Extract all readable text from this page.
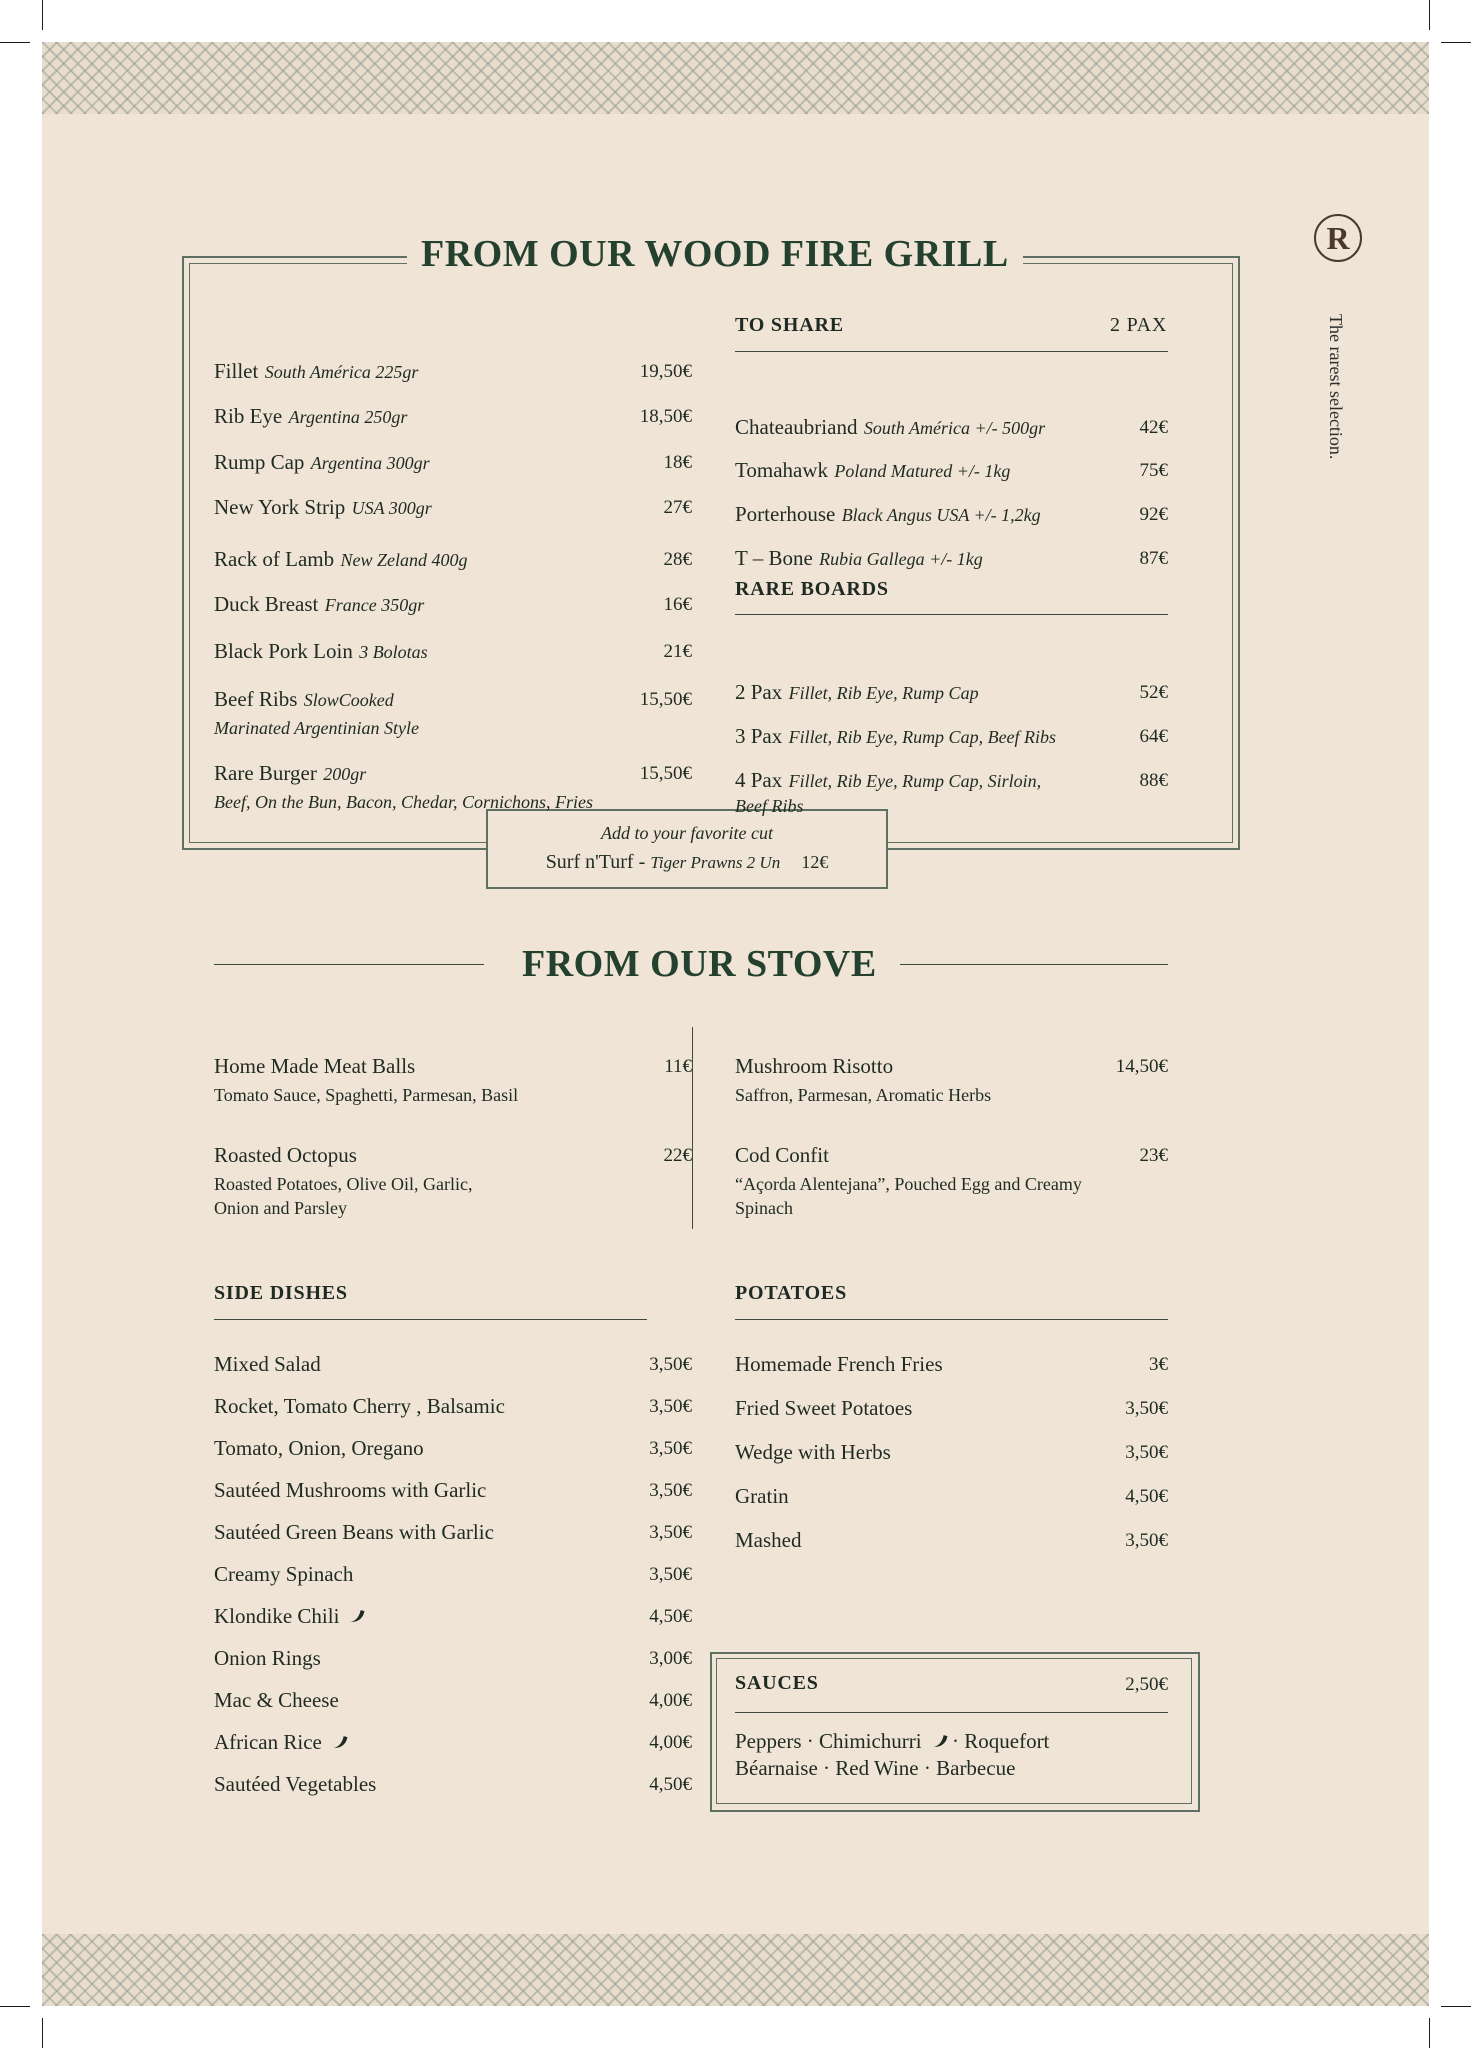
R
The rarest selection.
FROM OUR WOOD FIRE GRILL
TO SHARE	2 PAX
RARE BOARDS
Add to your favorite cut
Surf n'Turf - Tiger Prawns 2 Un 12€
FROM OUR STOVE
SIDE DISHES	POTATOES
SAUCES	2,50€
Peppers · Chimichurri · Roquefort
Béarnaise · Red Wine · Barbecue
Fillet South América 225gr	19,50€
Rib Eye Argentina 250gr	18,50€
Rump Cap Argentina 300gr	18€
New York Strip USA 300gr	27€
Rack of Lamb New Zeland 400g	28€
Duck Breast France 350gr	16€
Black Pork Loin 3 Bolotas	21€
Beef Ribs SlowCooked	15,50€
Marinated Argentinian Style
Rare Burger 200gr	15,50€
Beef, On the Bun, Bacon, Chedar, Cornichons, Fries
Chateaubriand South América +/- 500gr	42€
Tomahawk Poland Matured +/- 1kg	75€
Porterhouse Black Angus USA +/- 1,2kg	92€
T – Bone Rubia Gallega +/- 1kg	87€
2 Pax Fillet, Rib Eye, Rump Cap	52€
3 Pax Fillet, Rib Eye, Rump Cap, Beef Ribs	64€
4 Pax Fillet, Rib Eye, Rump Cap, Sirloin,	88€
Beef Ribs
Home Made Meat Balls	11€
Tomato Sauce, Spaghetti, Parmesan, Basil
Roasted Octopus	22€
Roasted Potatoes, Olive Oil, Garlic,
Onion and Parsley
Mushroom Risotto	14,50€
Saffron, Parmesan, Aromatic Herbs
Cod Confit	23€
“Açorda Alentejana”, Pouched Egg and Creamy
Spinach
Mixed Salad	3,50€
Rocket, Tomato Cherry , Balsamic	3,50€
Tomato, Onion, Oregano	3,50€
Sautéed Mushrooms with Garlic	3,50€
Sautéed Green Beans with Garlic	3,50€
Creamy Spinach	3,50€
Klondike Chili	4,50€
Onion Rings	3,00€
Mac & Cheese	4,00€
African Rice	4,00€
Sautéed Vegetables	4,50€
Homemade French Fries	3€
Fried Sweet Potatoes	3,50€
Wedge with Herbs	3,50€
Gratin	4,50€
Mashed	3,50€
